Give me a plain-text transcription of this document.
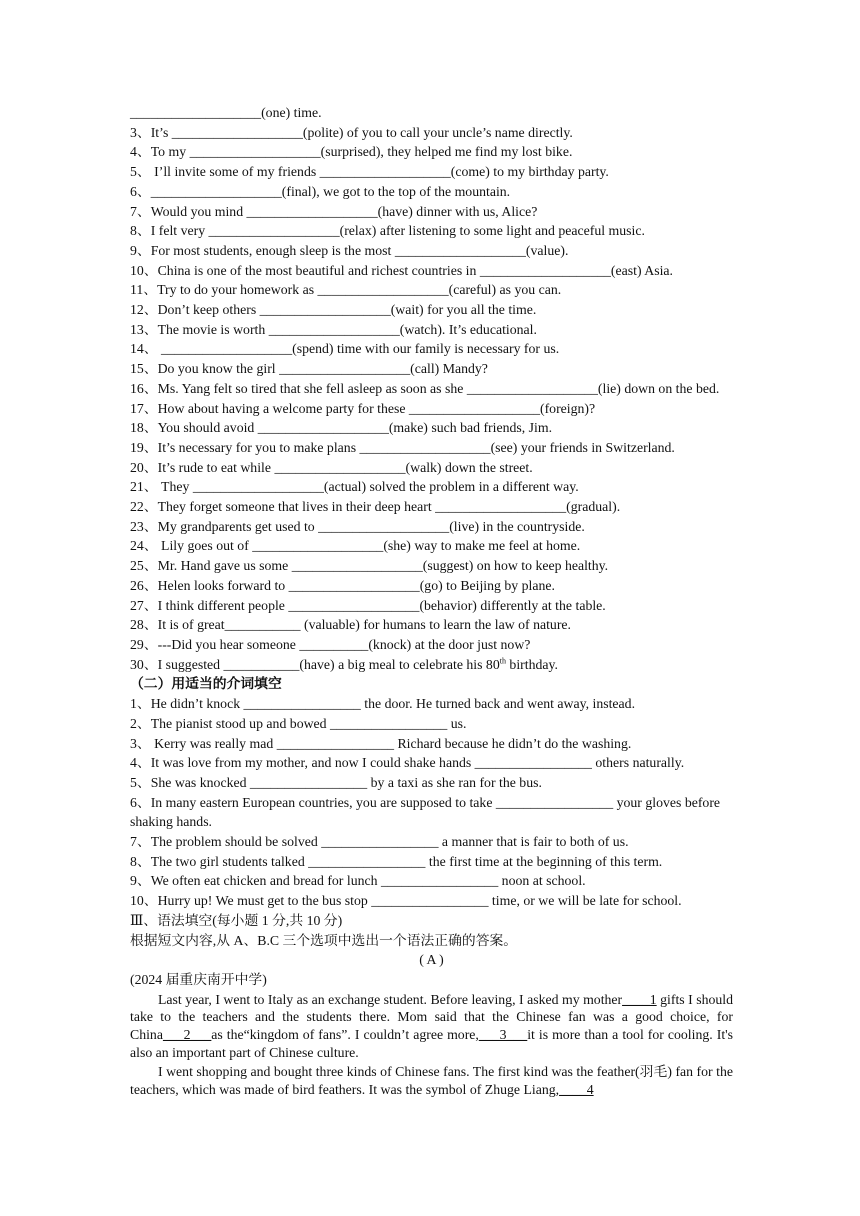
___________________(one) time.
3、It’s ___________________(polite) of you to call your uncle’s name directly.
4、To my ___________________(surprised), they helped me find my lost bike.
5、 I’ll invite some of my friends ___________________(come) to my birthday party.
6、___________________(final), we got to the top of the mountain.
7、Would you mind ___________________(have) dinner with us, Alice?
8、I felt very ___________________(relax) after listening to some light and peaceful music.
9、For most students, enough sleep is the most ___________________(value).
10、China is one of the most beautiful and richest countries in ___________________(east) Asia.
11、Try to do your homework as ___________________(careful) as you can.
12、Don’t keep others ___________________(wait) for you all the time.
13、The movie is worth ___________________(watch). It’s educational.
14、 ___________________(spend) time with our family is necessary for us.
15、Do you know the girl ___________________(call) Mandy?
16、Ms. Yang felt so tired that she fell asleep as soon as she ___________________(lie) down on the bed.
17、How about having a welcome party for these ___________________(foreign)?
18、You should avoid ___________________(make) such bad friends, Jim.
19、It’s necessary for you to make plans ___________________(see) your friends in Switzerland.
20、It’s rude to eat while ___________________(walk) down the street.
21、 They ___________________(actual) solved the problem in a different way.
22、They forget someone that lives in their deep heart ___________________(gradual).
23、My grandparents get used to ___________________(live) in the countryside.
24、 Lily goes out of ___________________(she) way to make me feel at home.
25、Mr. Hand gave us some ___________________(suggest) on how to keep healthy.
26、Helen looks forward to ___________________(go) to Beijing by plane.
27、I think different people ___________________(behavior) differently at the table.
28、It is of great___________ (valuable) for humans to learn the law of nature.
29、---Did you hear someone __________(knock) at the door just now?
30、I suggested ___________(have) a big meal to celebrate his 80th birthday.
（二）用适当的介词填空
1、He didn’t knock _________________ the door. He turned back and went away, instead.
2、The pianist stood up and bowed _________________ us.
3、 Kerry was really mad _________________ Richard because he didn’t do the washing.
4、It was love from my mother, and now I could shake hands _________________ others naturally.
5、She was knocked _________________ by a taxi as she ran for the bus.
6、In many eastern European countries, you are supposed to take _________________ your gloves before shaking hands.
7、The problem should be solved _________________ a manner that is fair to both of us.
8、The two girl students talked _________________ the first time at the beginning of this term.
9、We often eat chicken and bread for lunch _________________ noon at school.
10、Hurry up! We must get to the bus stop _________________ time, or we will be late for school.
Ⅲ、语法填空(每小题 1 分,共 10 分)
根据短文内容,从 A、B.C 三个选项中选出一个语法正确的答案。
( A )
(2024 届重庆南开中学)
Last year, I went to Italy as an exchange student. Before leaving, I asked my mother____1 gifts I should take to the teachers and the students there. Mom said that the Chinese fan was a good choice, for China___2___as the“kingdom of fans”. I couldn’t agree more,___3___it is more than a tool for cooling. It's also an important part of Chinese culture.
I went shopping and bought three kinds of Chinese fans. The first kind was the feather(羽毛) fan for the teachers, which was made of bird feathers. It was the symbol of Zhuge Liang,____4
